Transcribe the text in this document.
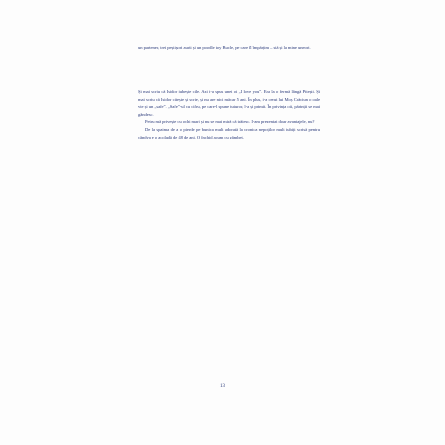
un partener, trei peștișori aurii și un poodle toy Bucle, pe care îl împărțim – stă și la mine uneori.

Și mai scriu că Isidor iubește cile. Azi i-a spus unei oi „I love you”. Era la o fermă lângă Pitești. Și mai scriu că Isidor citește și scrie, și nu are nici măcar 5 ani. În plus, i-a cerut lui Moș Crăciun o oale vie și un „safe”. „Safe”-ul cu cifru, pe care-l spune tuturor, l-a și primit. În privința oii, părinții se mai gândesc.

Petru mă privește cu ochi mari și nu se mai miră că trăiesc. I-am prezentat doar avantajele, nu?

De la spaima de a o pierde pe bunica mult adorată la cronica nepoților mult iubiți scrisă pentru cândva e o acoladă de 48 de ani. O închid acum cu zâmbet.

13
